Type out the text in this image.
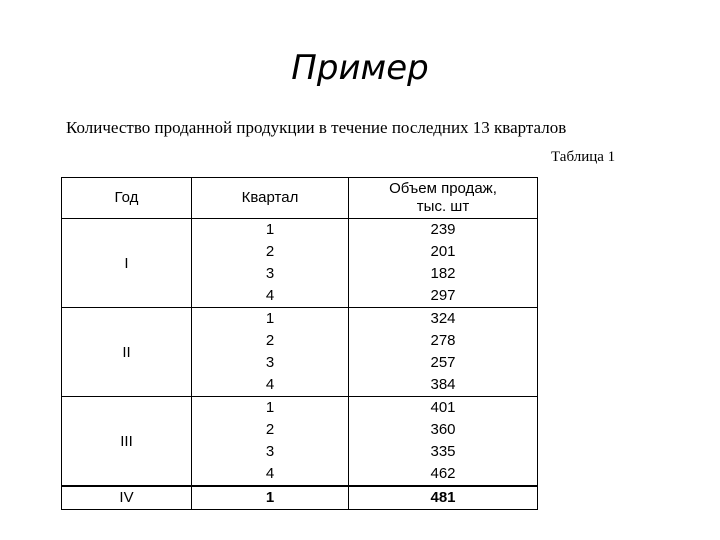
Пример
Количество проданной продукции в течение последних 13 кварталов
Таблица 1
Год	Квартал	Объем продаж,
тыс. шт
I	1	239
	2	201
	3	182
	4	297
II	1	324
	2	278
	3	257
	4	384
III	1	401
	2	360
	3	335
	4	462
IV	1	481
